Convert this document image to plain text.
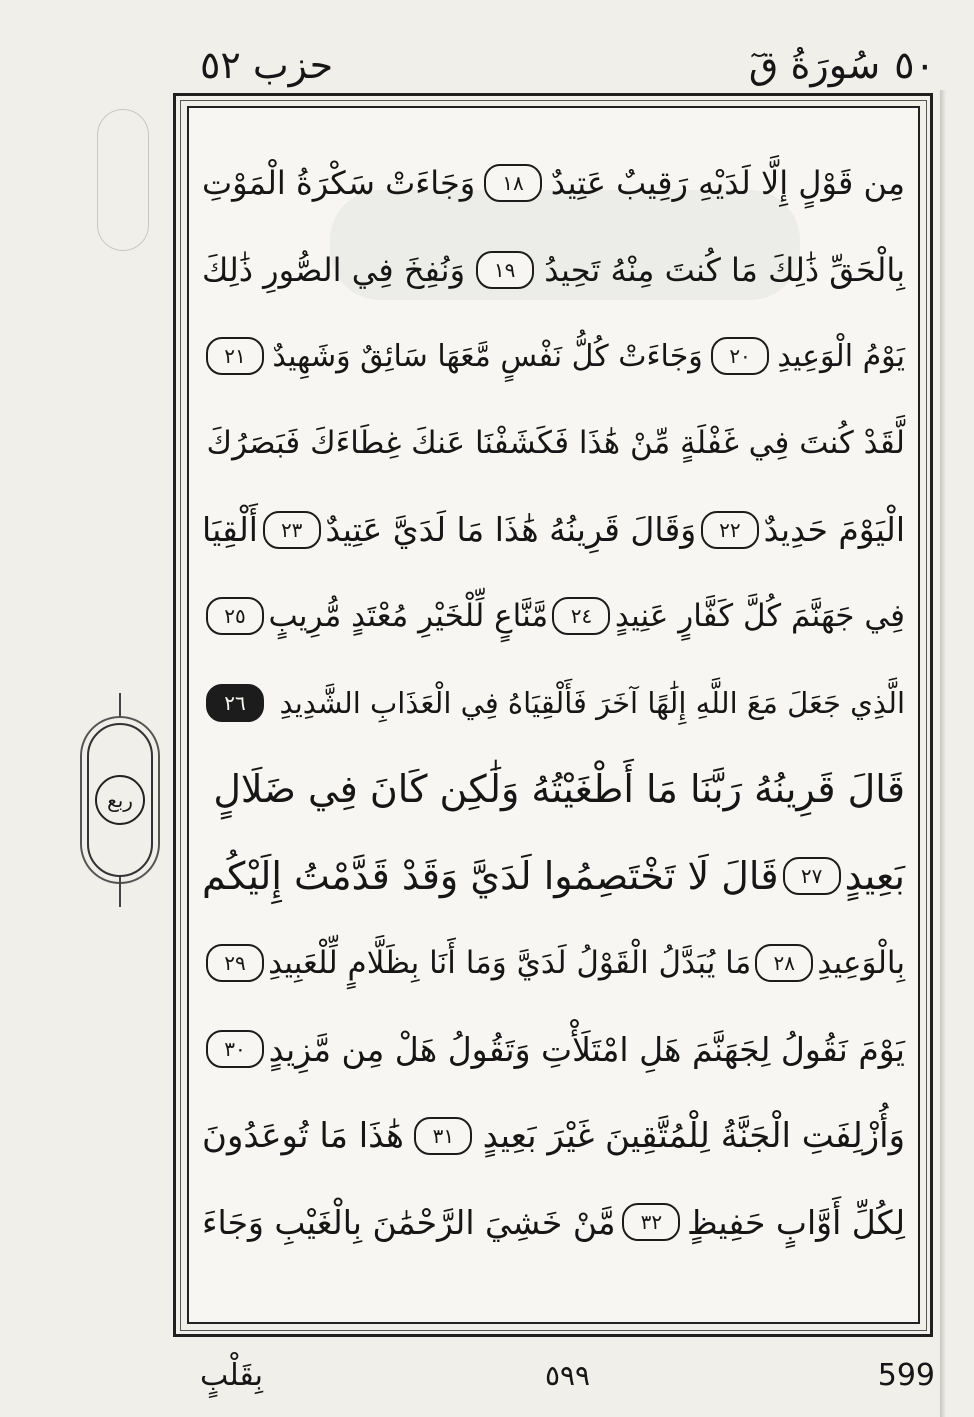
٥٠
سُورَةُ قٓ
حزب ٥٢
مِن قَوْلٍ إِلَّا لَدَيْهِ رَقِيبٌ عَتِيدٌ
١٨
وَجَاءَتْ سَكْرَةُ الْمَوْتِ
بِالْحَقِّ ذَٰلِكَ مَا كُنتَ مِنْهُ تَحِيدُ
١٩
وَنُفِخَ فِي الصُّورِ ذَٰلِكَ
يَوْمُ الْوَعِيدِ
٢٠
وَجَاءَتْ كُلُّ نَفْسٍ مَّعَهَا سَائِقٌ وَشَهِيدٌ
٢١
لَّقَدْ كُنتَ فِي غَفْلَةٍ مِّنْ هَٰذَا فَكَشَفْنَا عَنكَ غِطَاءَكَ فَبَصَرُكَ
الْيَوْمَ حَدِيدٌ
٢٢
وَقَالَ قَرِينُهُ هَٰذَا مَا لَدَيَّ عَتِيدٌ
٢٣
أَلْقِيَا
فِي جَهَنَّمَ كُلَّ كَفَّارٍ عَنِيدٍ
٢٤
مَّنَّاعٍ لِّلْخَيْرِ مُعْتَدٍ مُّرِيبٍ
٢٥
الَّذِي جَعَلَ مَعَ اللَّهِ إِلَٰهًا آخَرَ فَأَلْقِيَاهُ فِي الْعَذَابِ الشَّدِيدِ
٢٦
قَالَ قَرِينُهُ رَبَّنَا مَا أَطْغَيْتُهُ وَلَٰكِن كَانَ فِي ضَلَالٍ
بَعِيدٍ
٢٧
قَالَ لَا تَخْتَصِمُوا لَدَيَّ وَقَدْ قَدَّمْتُ إِلَيْكُم
بِالْوَعِيدِ
٢٨
مَا يُبَدَّلُ الْقَوْلُ لَدَيَّ وَمَا أَنَا بِظَلَّامٍ لِّلْعَبِيدِ
٢٩
يَوْمَ نَقُولُ لِجَهَنَّمَ هَلِ امْتَلَأْتِ وَتَقُولُ هَلْ مِن مَّزِيدٍ
٣٠
وَأُزْلِفَتِ الْجَنَّةُ لِلْمُتَّقِينَ غَيْرَ بَعِيدٍ
٣١
هَٰذَا مَا تُوعَدُونَ
لِكُلِّ أَوَّابٍ حَفِيظٍ
٣٢
مَّنْ خَشِيَ الرَّحْمَٰنَ بِالْغَيْبِ وَجَاءَ
ربع
599
٥٩٩
بِقَلْبٍ
